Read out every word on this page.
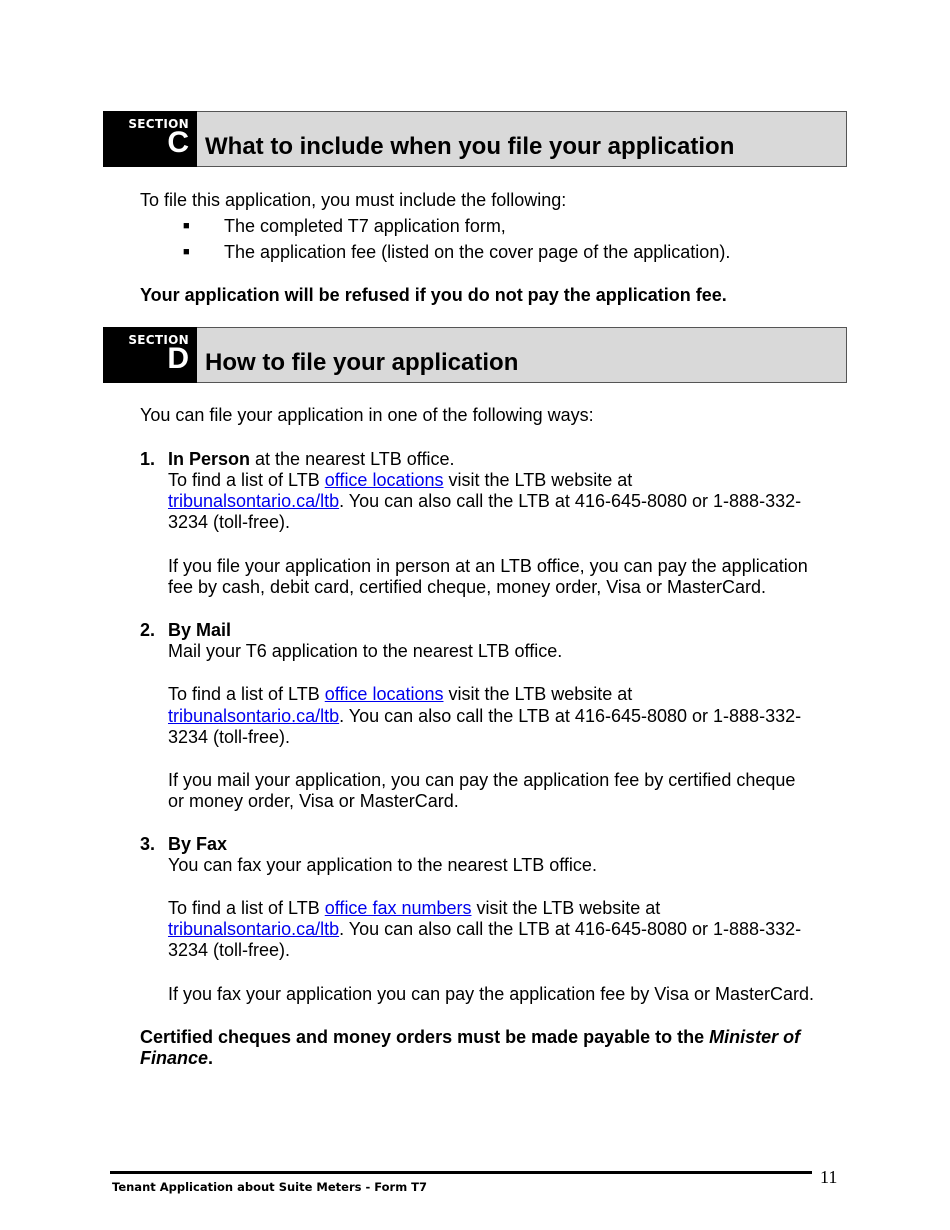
SECTION
C What to include when you file your application
To file this application, you must include the following:
■ The completed T7 application form,
■ The application fee (listed on the cover page of the application).
Your application will be refused if you do not pay the application fee.
SECTION
D How to file your application
You can file your application in one of the following ways:
1. In Person at the nearest LTB office.
To find a list of LTB office locations visit the LTB website at
tribunalsontario.ca/ltb. You can also call the LTB at 416-645-8080 or 1-888-332-
3234 (toll-free).
If you file your application in person at an LTB office, you can pay the application
fee by cash, debit card, certified cheque, money order, Visa or MasterCard.
2. By Mail
Mail your T6 application to the nearest LTB office.
To find a list of LTB office locations visit the LTB website at
tribunalsontario.ca/ltb. You can also call the LTB at 416-645-8080 or 1-888-332-
3234 (toll-free).
If you mail your application, you can pay the application fee by certified cheque
or money order, Visa or MasterCard.
3. By Fax
You can fax your application to the nearest LTB office.
To find a list of LTB office fax numbers visit the LTB website at
tribunalsontario.ca/ltb. You can also call the LTB at 416-645-8080 or 1-888-332-
3234 (toll-free).
If you fax your application you can pay the application fee by Visa or MasterCard.
Certified cheques and money orders must be made payable to the Minister of
Finance.
Tenant Application about Suite Meters - Form T7	11
